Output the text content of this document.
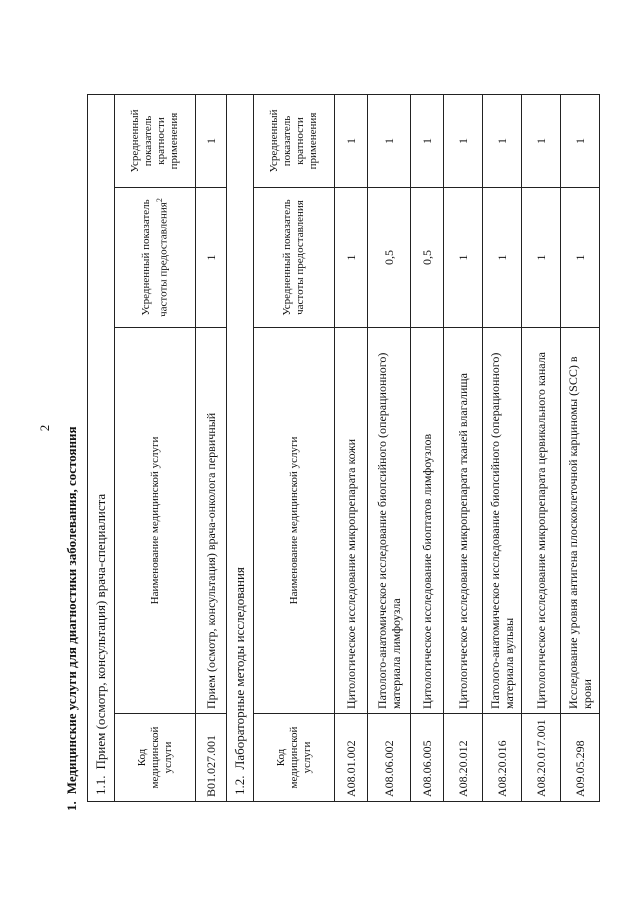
2
1.Медицинские услуги для диагностики заболевания, состояния 1.1.Прием (осмотр, консультация) врача-специалиста			
Код медицинской услуги	Наименование медицинской услуги	Усредненный показатель частоты предоставления$^2$	Усредненный показатель кратности применения
B01.027.001	Прием (осмотр, консультация) врача-онколога первичный	1	1
1.2.Лабораторные методы исследования			
Код медицинской услуги	Наименование медицинской услуги	Усредненный показатель частоты предоставления	Усредненный показатель кратности применения
A08.01.002	Цитологическое исследование микропрепарата кожи	1	1
A08.06.002	Патолого-анатомическое исследование биопсийного (операционного) материала лимфоузла	0,5	1
A08.06.005	Цитологическое исследование биоптатов лимфоузлов	0,5	1
A08.20.012	Цитологическое исследование микропрепарата тканей влагалища	1	1
A08.20.016	Патолого-анатомическое исследование биопсийного (операционного) материала вульвы	1	1
A08.20.017.001	Цитологическое исследование микропрепарата цервикального канала	1	1
A09.05.298	Исследование уровня антигена плоскоклеточной карциномы (SCC) в крови	1	1
